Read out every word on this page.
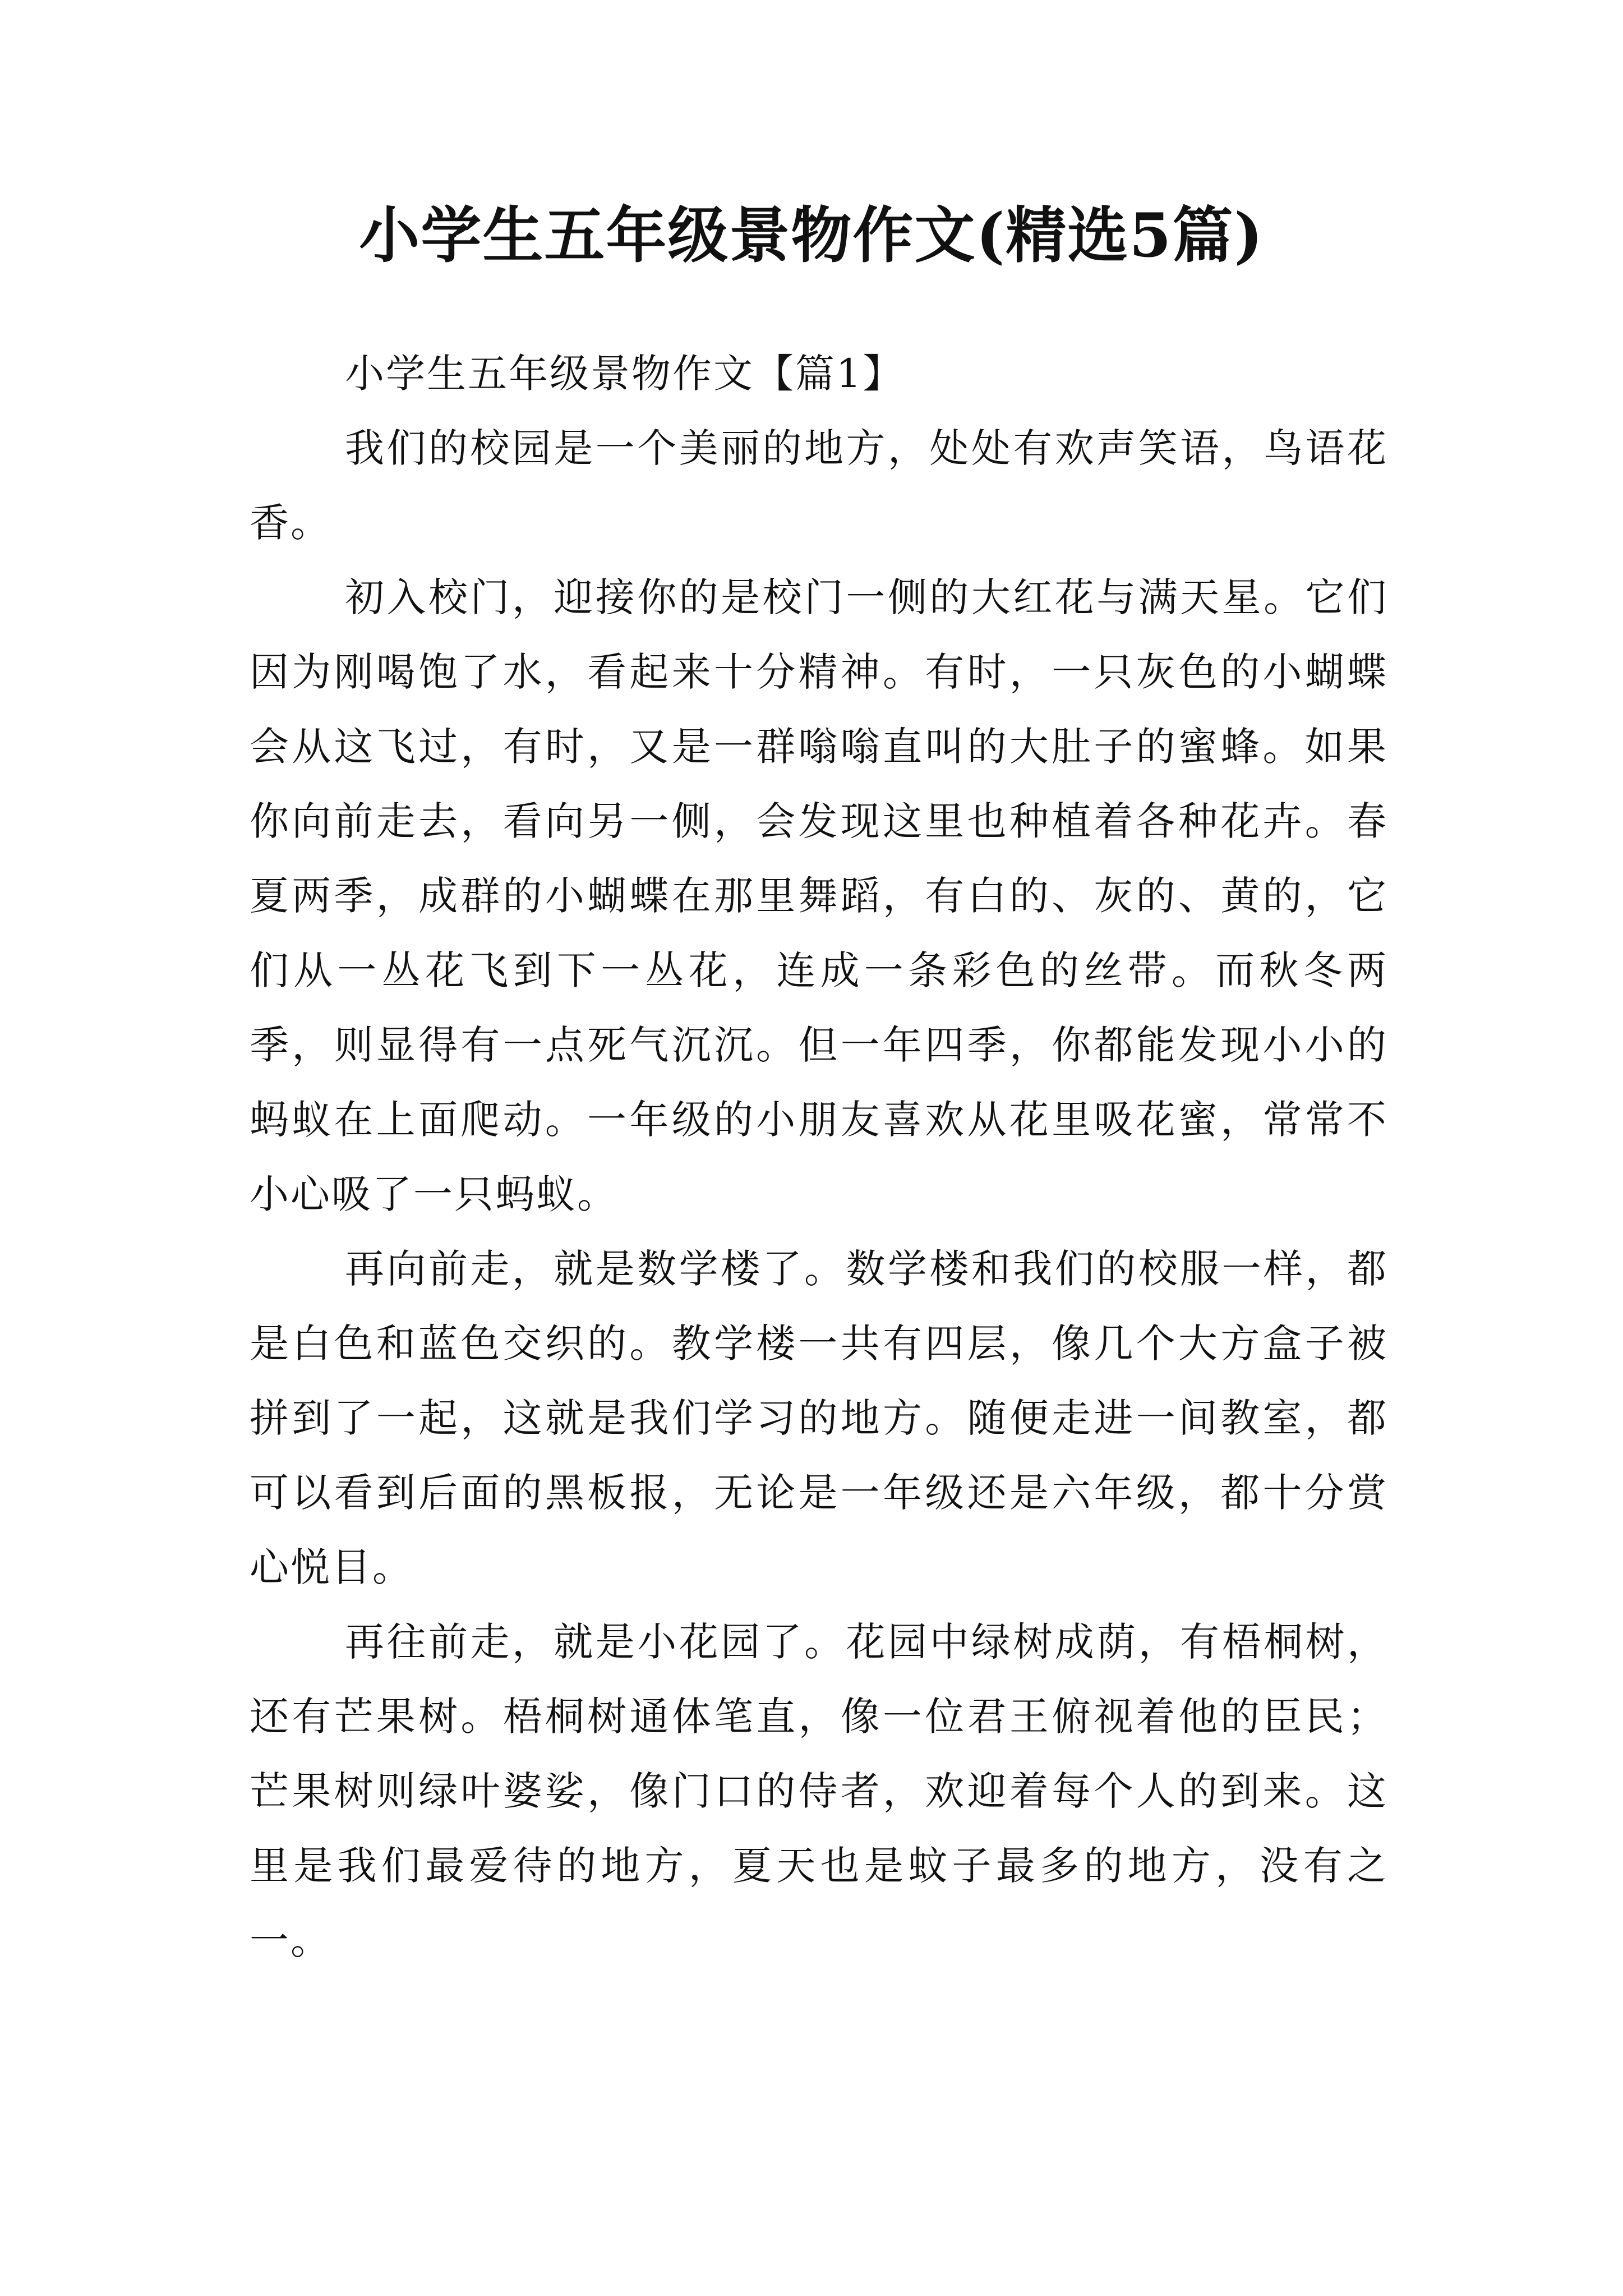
小学生五年级景物作文(精选5篇)

小学生五年级景物作文【篇1】

我们的校园是一个美丽的地方，处处有欢声笑语，鸟语花香。

初入校门，迎接你的是校门一侧的大红花与满天星。它们因为刚喝饱了水，看起来十分精神。有时，一只灰色的小蝴蝶会从这飞过，有时，又是一群嗡嗡直叫的大肚子的蜜蜂。如果你向前走去，看向另一侧，会发现这里也种植着各种花卉。春夏两季，成群的小蝴蝶在那里舞蹈，有白的、灰的、黄的，它们从一丛花飞到下一丛花，连成一条彩色的丝带。而秋冬两季，则显得有一点死气沉沉。但一年四季，你都能发现小小的蚂蚁在上面爬动。一年级的小朋友喜欢从花里吸花蜜，常常不小心吸了一只蚂蚁。

再向前走，就是数学楼了。数学楼和我们的校服一样，都是白色和蓝色交织的。教学楼一共有四层，像几个大方盒子被拼到了一起，这就是我们学习的地方。随便走进一间教室，都可以看到后面的黑板报，无论是一年级还是六年级，都十分赏心悦目。

再往前走，就是小花园了。花园中绿树成荫，有梧桐树，还有芒果树。梧桐树通体笔直，像一位君王俯视着他的臣民；芒果树则绿叶婆娑，像门口的侍者，欢迎着每个人的到来。这里是我们最爱待的地方，夏天也是蚊子最多的地方，没有之一。
